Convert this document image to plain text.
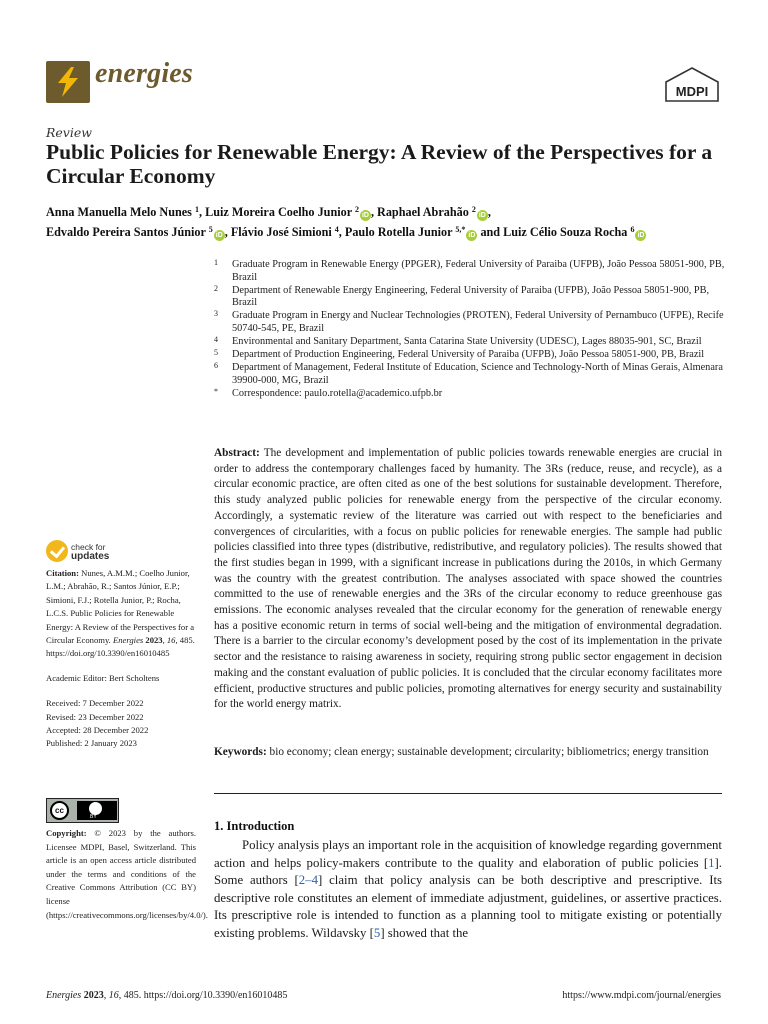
energies
MDPI
Review
Public Policies for Renewable Energy: A Review of the Perspectives for a Circular Economy
Anna Manuella Melo Nunes $^1$, Luiz Moreira Coelho Junior $^2$iD , Raphael Abrahão $^2$iD ,
Edvaldo Pereira Santos Júnior $^5$iD , Flávio José Simioni $^4$, Paulo Rotella Junior $^{5,*}$iD and Luiz Célio Souza Rocha $^6$iD
1 Graduate Program in Renewable Energy (PPGER), Federal University of Paraiba (UFPB), João Pessoa 58051-900, PB, Brazil
2 Department of Renewable Energy Engineering, Federal University of Paraiba (UFPB), João Pessoa 58051-900, PB, Brazil
3 Graduate Program in Energy and Nuclear Technologies (PROTEN), Federal University of Pernambuco (UFPE), Recife 50740-545, PE, Brazil
4 Environmental and Sanitary Department, Santa Catarina State University (UDESC), Lages 88035-901, SC, Brazil
5 Department of Production Engineering, Federal University of Paraiba (UFPB), João Pessoa 58051-900, PB, Brazil
6 Department of Management, Federal Institute of Education, Science and Technology-North of Minas Gerais, Almenara 39900-000, MG, Brazil
* Correspondence: paulo.rotella@academico.ufpb.br
Abstract: The development and implementation of public policies towards renewable energies are crucial in order to address the contemporary challenges faced by humanity. The 3Rs (reduce, reuse, and recycle), as a circular economic practice, are often cited as one of the best solutions for sustainable development. Therefore, this study analyzed public policies for renewable energy from the perspective of the circular economy. Accordingly, a systematic review of the literature was carried out with respect to the beneficiaries and convergences of circularities, with a focus on public policies for renewable energies. The sample had public policies classified into three types (distributive, redistributive, and regulatory policies). The results showed that the first studies began in 1999, with a significant increase in publications during the 2010s, in which Germany was the country with the greatest contribution. The analyses associated with space showed the countries committed to the use of renewable energies and the 3Rs of the circular economy to reduce greenhouse gas emissions. The economic analyses revealed that the circular economy for the generation of renewable energy has a positive economic return in terms of social well-being and the mitigation of environmental degradation. There is a barrier to the circular economy’s development posed by the cost of its implementation in the private sector and the resistance to raising awareness in society, requiring strong public sector engagement in decision making and the constant evaluation of public policies. It is concluded that the circular economy facilitates more efficient, productive structures and public policies, promoting alternatives for energy security and sustainability for the world energy matrix.
Keywords: bio economy; clean energy; sustainable development; circularity; bibliometrics; energy transition
1. Introduction
Policy analysis plays an important role in the acquisition of knowledge regarding government action and helps policy-makers contribute to the quality and elaboration of public policies [1]. Some authors [2–4] claim that policy analysis can be both descriptive and prescriptive. Its descriptive role constitutes an element of immediate adjustment, guidelines, or assertive practices. Its prescriptive role is intended to function as a planning tool to mitigate existing or potentially existing problems. Wildavsky [5] showed that the
check for
updates
Citation: Nunes, A.M.M.; Coelho Junior, L.M.; Abrahão, R.; Santos Júnior, E.P.; Simioni, F.J.; Rotella Junior, P.; Rocha, L.C.S. Public Policies for Renewable Energy: A Review of the Perspectives for a Circular Economy. Energies 2023, 16, 485. https://doi.org/10.3390/en16010485
Academic Editor: Bert Scholtens
Received: 7 December 2022
Revised: 23 December 2022
Accepted: 28 December 2022
Published: 2 January 2023
cc
BY
Copyright: © 2023 by the authors. Licensee MDPI, Basel, Switzerland. This article is an open access article distributed under the terms and conditions of the Creative Commons Attribution (CC BY) license (https://creativecommons.org/licenses/by/4.0/).
Energies 2023, 16, 485. https://doi.org/10.3390/en16010485	https://www.mdpi.com/journal/energies
